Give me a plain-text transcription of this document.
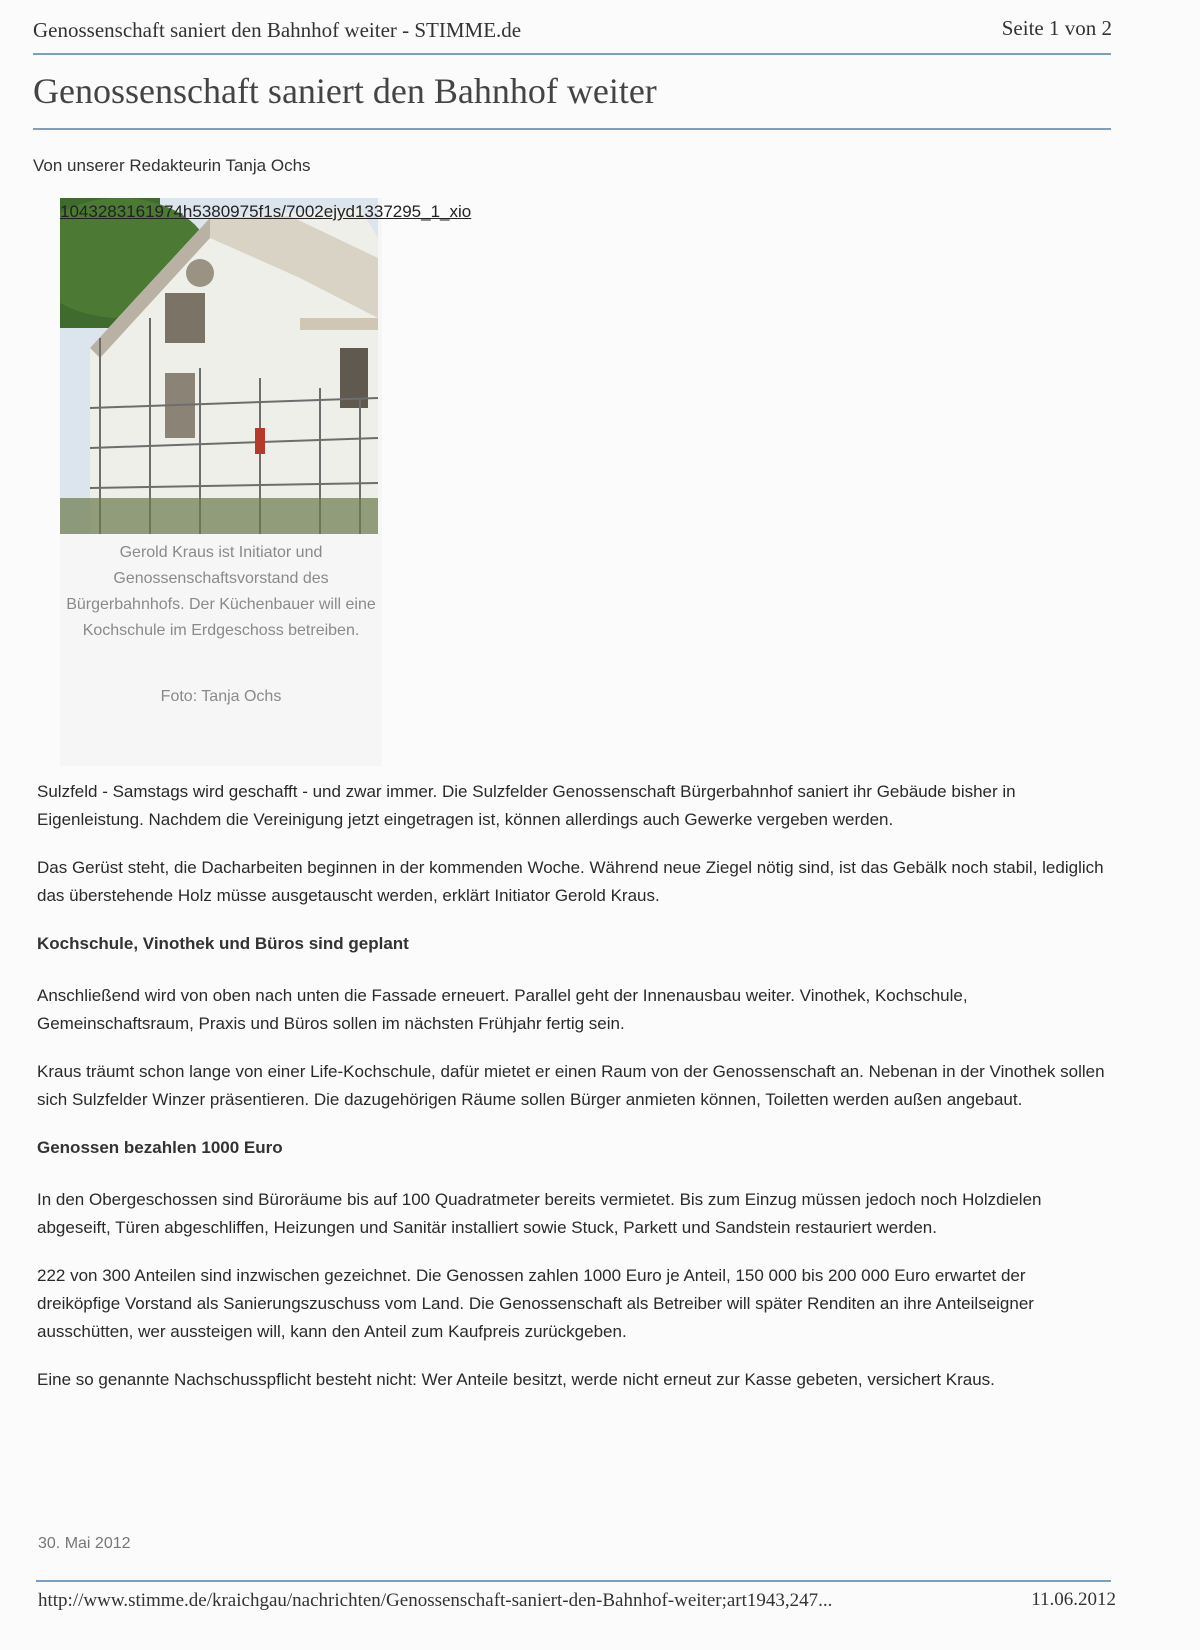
Genossenschaft saniert den Bahnhof weiter - STIMME.de	Seite 1 von 2
Genossenschaft saniert den Bahnhof weiter
Von unserer Redakteurin Tanja Ochs
Gerold Kraus ist Initiator und Genossenschaftsvorstand des Bürgerbahnhofs. Der Küchenbauer will eine Kochschule im Erdgeschoss betreiben.
Foto: Tanja Ochs
1043283161974h5380975f1s/7002ejyd1337295_1_xio

Sulzfeld - Samstags wird geschafft - und zwar immer. Die Sulzfelder Genossenschaft Bürgerbahnhof saniert ihr Gebäude bisher in Eigenleistung. Nachdem die Vereinigung jetzt eingetragen ist, können allerdings auch Gewerke vergeben werden.

Das Gerüst steht, die Dacharbeiten beginnen in der kommenden Woche. Während neue Ziegel nötig sind, ist das Gebälk noch stabil, lediglich das überstehende Holz müsse ausgetauscht werden, erklärt Initiator Gerold Kraus.

Kochschule, Vinothek und Büros sind geplant

Anschließend wird von oben nach unten die Fassade erneuert. Parallel geht der Innenausbau weiter. Vinothek, Kochschule, Gemeinschaftsraum, Praxis und Büros sollen im nächsten Frühjahr fertig sein.

Kraus träumt schon lange von einer Life-Kochschule, dafür mietet er einen Raum von der Genossenschaft an. Nebenan in der Vinothek sollen sich Sulzfelder Winzer präsentieren. Die dazugehörigen Räume sollen Bürger anmieten können, Toiletten werden außen angebaut.

Genossen bezahlen 1000 Euro

In den Obergeschossen sind Büroräume bis auf 100 Quadratmeter bereits vermietet. Bis zum Einzug müssen jedoch noch Holzdielen abgeseift, Türen abgeschliffen, Heizungen und Sanitär installiert sowie Stuck, Parkett und Sandstein restauriert werden.

222 von 300 Anteilen sind inzwischen gezeichnet. Die Genossen zahlen 1000 Euro je Anteil, 150 000 bis 200 000 Euro erwartet der dreiköpfige Vorstand als Sanierungszuschuss vom Land. Die Genossenschaft als Betreiber will später Renditen an ihre Anteilseigner ausschütten, wer aussteigen will, kann den Anteil zum Kaufpreis zurückgeben.

Eine so genannte Nachschusspflicht besteht nicht: Wer Anteile besitzt, werde nicht erneut zur Kasse gebeten, versichert Kraus.

30. Mai 2012
http://www.stimme.de/kraichgau/nachrichten/Genossenschaft-saniert-den-Bahnhof-weiter;art1943,247...	11.06.2012
